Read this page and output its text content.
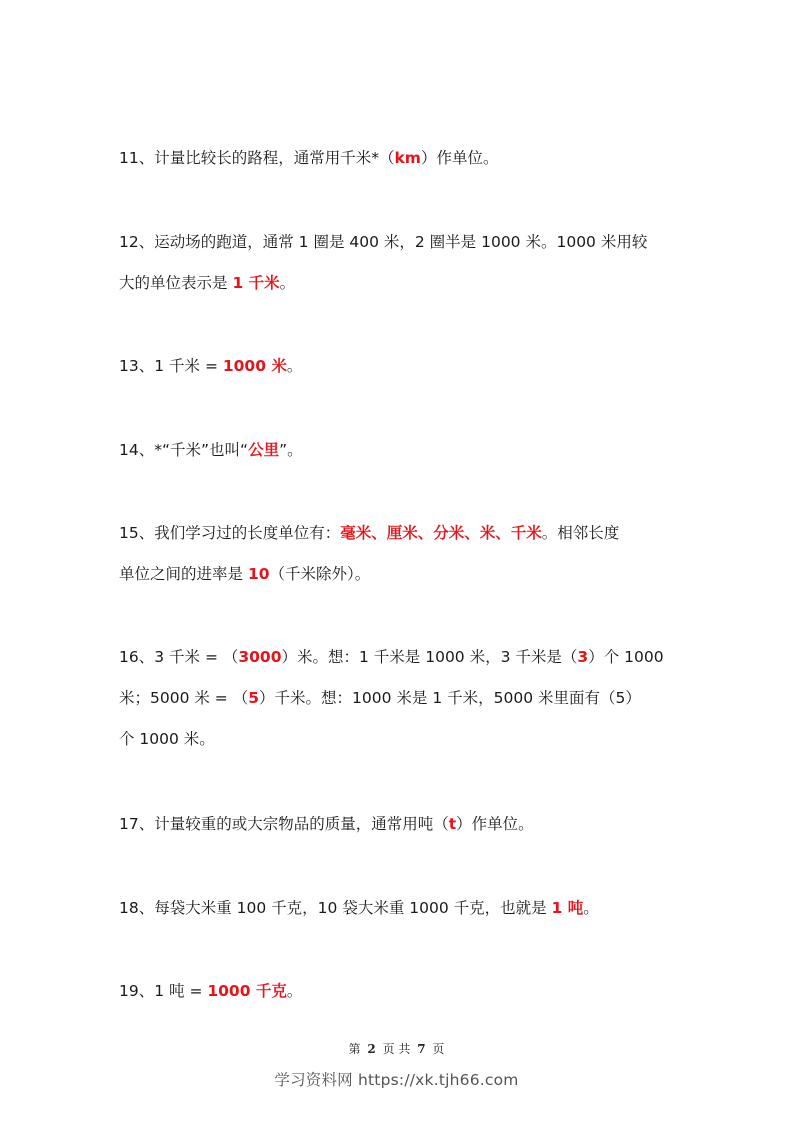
11、计量比较长的路程，通常用千米*（km）作单位。
12、运动场的跑道，通常 1 圈是 400 米，2 圈半是 1000 米。1000 米用较
大的单位表示是 1 千米。
13、1 千米 = 1000 米。
14、*“千米”也叫“公里”。
15、我们学习过的长度单位有：毫米、厘米、分米、米、千米。相邻长度
单位之间的进率是 10（千米除外）。
16、3 千米 = （3000）米。想：1 千米是 1000 米，3 千米是（3）个 1000
米；5000 米 = （5）千米。想：1000 米是 1 千米，5000 米里面有（5）
个 1000 米。
17、计量较重的或大宗物品的质量，通常用吨（t）作单位。
18、每袋大米重 100 千克，10 袋大米重 1000 千克，也就是 1 吨。
19、1 吨 = 1000 千克。
第 2 页 共 7 页
学习资料网 https://xk.tjh66.com
